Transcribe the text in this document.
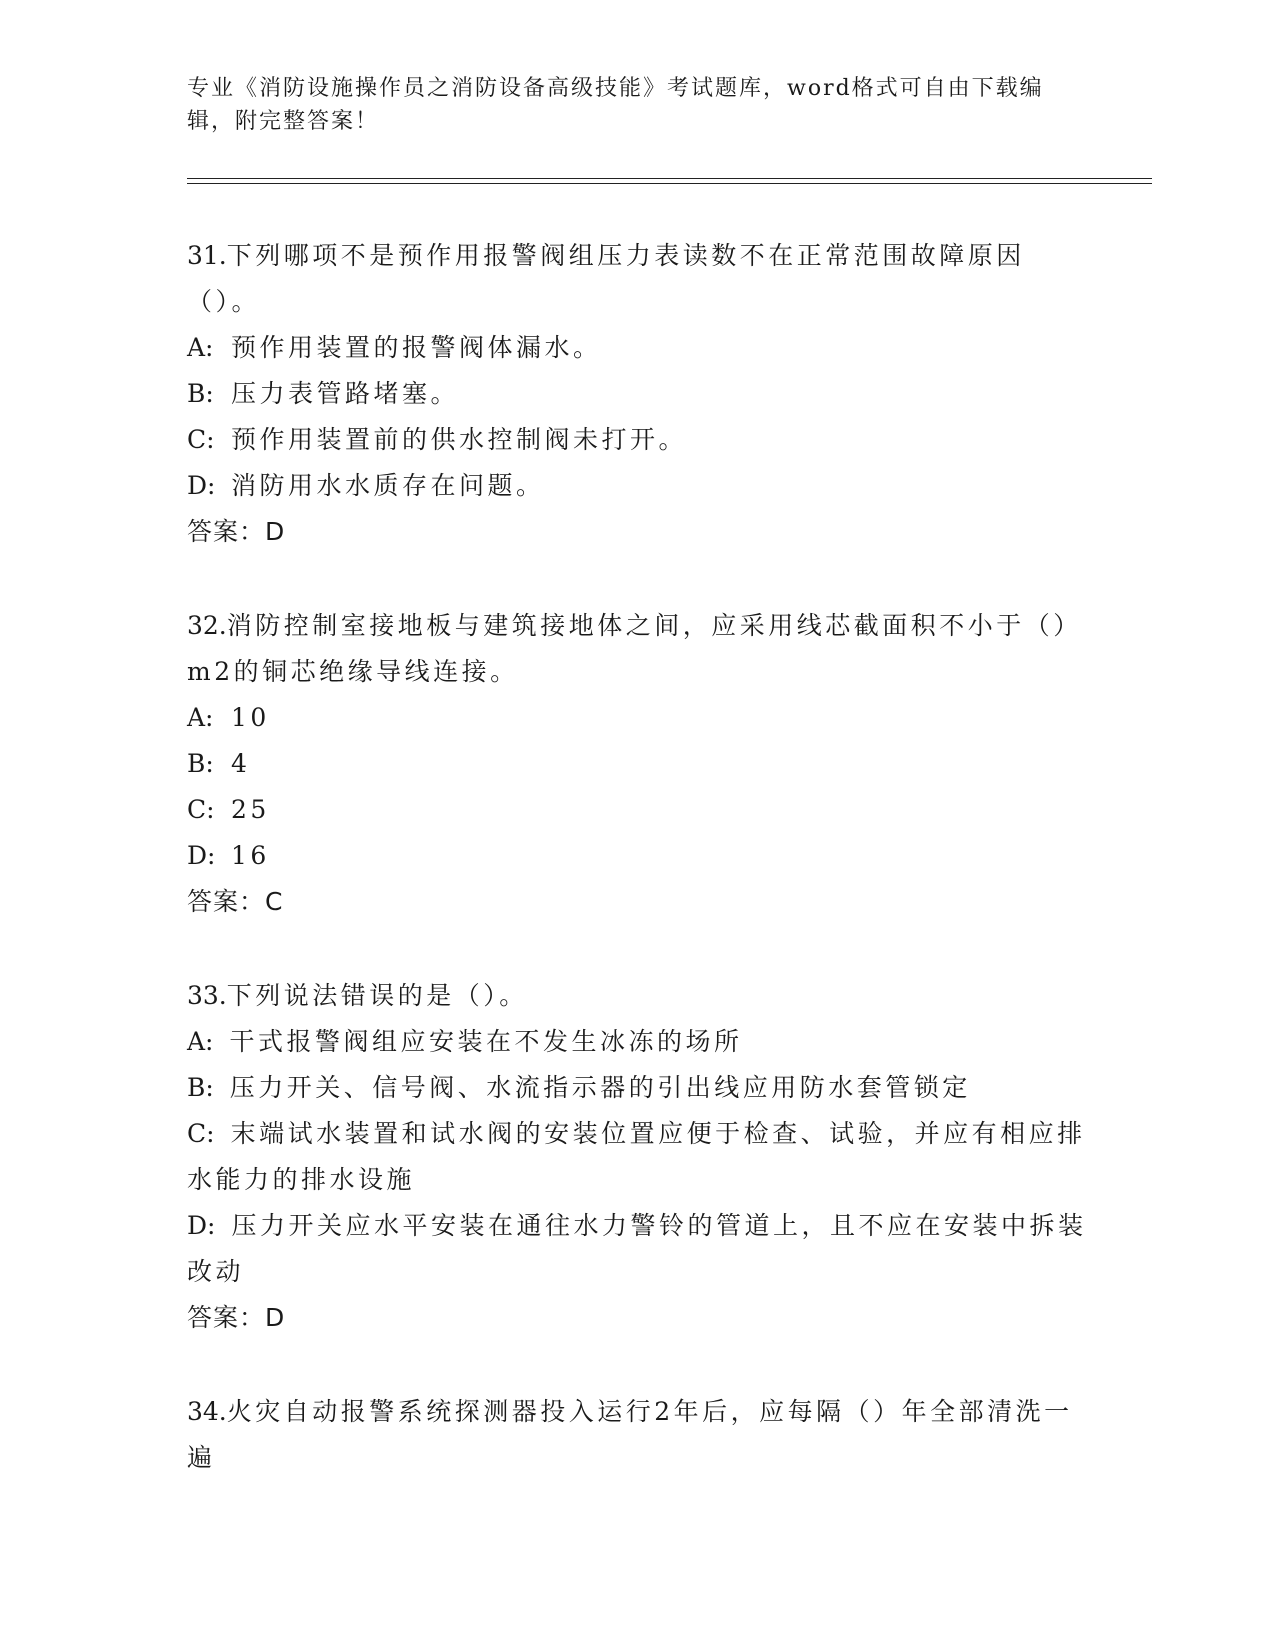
专业《消防设施操作员之消防设备高级技能》考试题库，word格式可自由下载编辑，附完整答案！
31.下列哪项不是预作用报警阀组压力表读数不在正常范围故障原因（）。
A: 预作用装置的报警阀体漏水。
B: 压力表管路堵塞。
C: 预作用装置前的供水控制阀未打开。
D: 消防用水水质存在问题。
答案：D
32.消防控制室接地板与建筑接地体之间，应采用线芯截面积不小于（）m2的铜芯绝缘导线连接。
A: 10
B: 4
C: 25
D: 16
答案：C
33.下列说法错误的是（）。
A: 干式报警阀组应安装在不发生冰冻的场所
B: 压力开关、信号阀、水流指示器的引出线应用防水套管锁定
C: 末端试水装置和试水阀的安装位置应便于检查、试验，并应有相应排水能力的排水设施
D: 压力开关应水平安装在通往水力警铃的管道上，且不应在安装中拆装改动
答案：D
34.火灾自动报警系统探测器投入运行2年后，应每隔（）年全部清洗一遍
